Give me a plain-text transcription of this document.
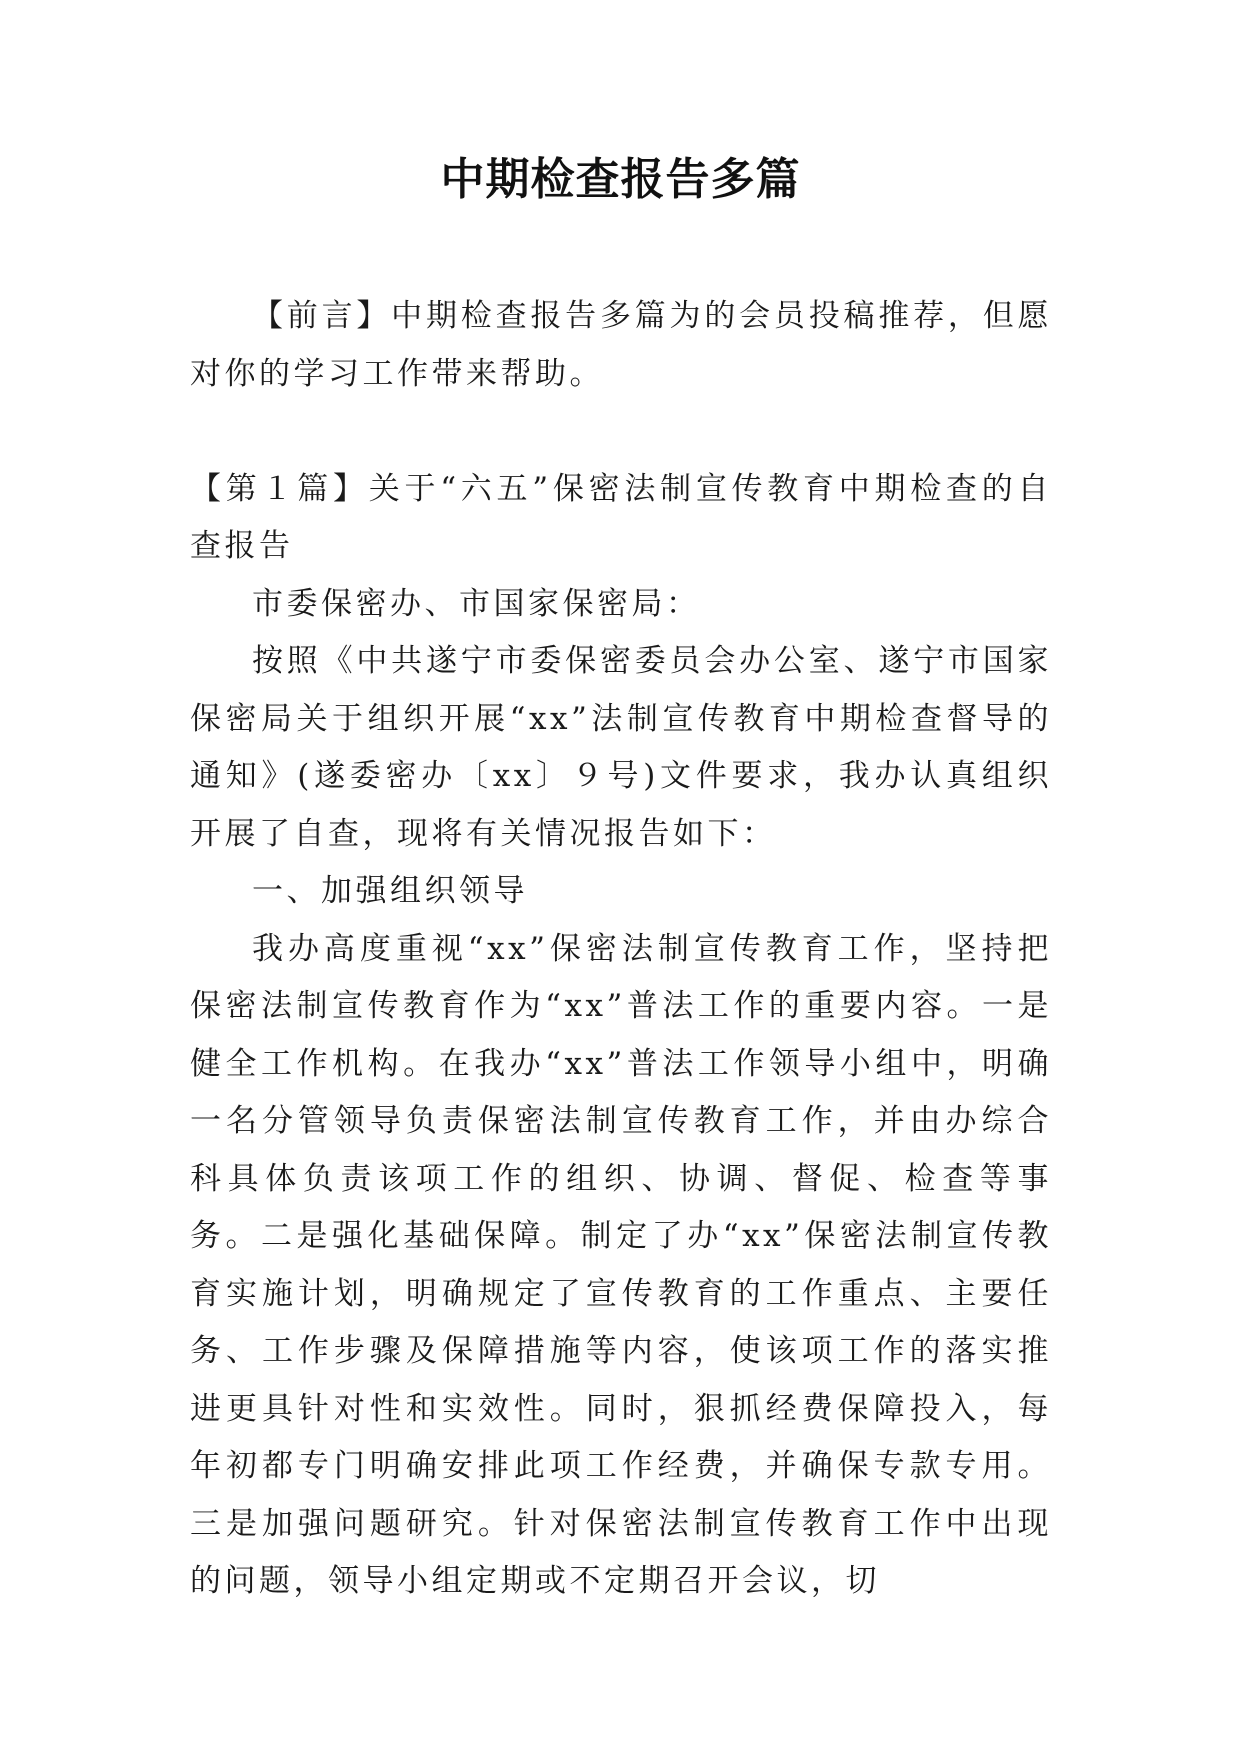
中期检查报告多篇

【前言】中期检查报告多篇为的会员投稿推荐，但愿对你的学习工作带来帮助。

【第１篇】关于“六五”保密法制宣传教育中期检查的自查报告

市委保密办、市国家保密局：

按照《中共遂宁市委保密委员会办公室、遂宁市国家保密局关于组织开展“xx”法制宣传教育中期检查督导的通知》(遂委密办〔xx〕９号)文件要求，我办认真组织开展了自查，现将有关情况报告如下：

一、加强组织领导

我办高度重视“xx”保密法制宣传教育工作，坚持把保密法制宣传教育作为“xx”普法工作的重要内容。一是健全工作机构。在我办“xx”普法工作领导小组中，明确一名分管领导负责保密法制宣传教育工作，并由办综合科具体负责该项工作的组织、协调、督促、检查等事务。二是强化基础保障。制定了办“xx”保密法制宣传教育实施计划，明确规定了宣传教育的工作重点、主要任务、工作步骤及保障措施等内容，使该项工作的落实推进更具针对性和实效性。同时，狠抓经费保障投入，每年初都专门明确安排此项工作经费，并确保专款专用。三是加强问题研究。针对保密法制宣传教育工作中出现的问题，领导小组定期或不定期召开会议，切
